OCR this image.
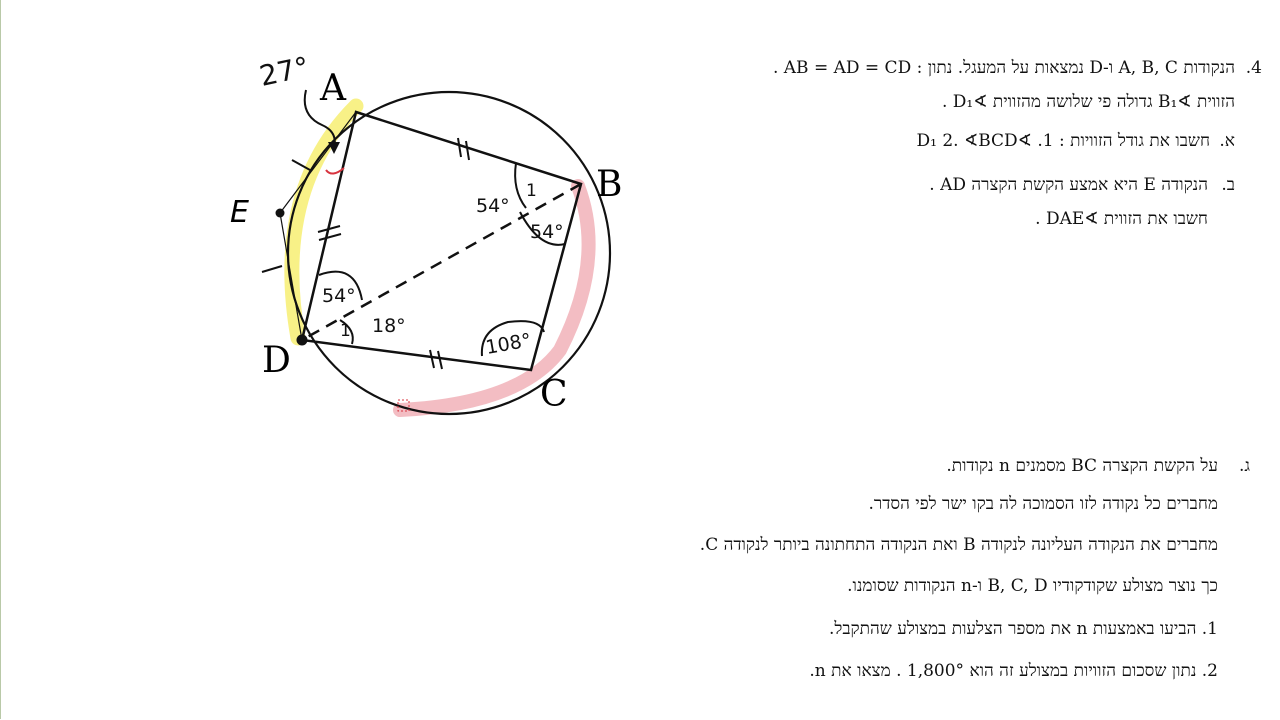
A
B
C
D
E
27°
54°
1
54°
54°
1 18°
108°
.4
הנקודות A, B, C ו-D נמצאות על המעגל. נתון : AB = AD = CD .
הזווית ∢B₁ גדולה פי שלושה מהזווית ∢D₁ .
א.
חשבו את גודל הזוויות : 1. ∢D₁ 2. ∢BCD
ב.
הנקודה E היא אמצע הקשת הקצרה AD .
חשבו את הזווית ∢DAE .
ג.
על הקשת הקצרה BC מסמנים n נקודות.
מחברים כל נקודה לזו הסמוכה לה בקו ישר לפי הסדר.
מחברים את הנקודה העליונה לנקודה B ואת הנקודה התחתונה ביותר לנקודה C.
כך נוצר מצולע שקודקודיו B, C, D ו-n הנקודות שסומנו.
1. הביעו באמצעות n את מספר הצלעות במצולע שהתקבל.
2. נתון שסכום הזוויות במצולע זה הוא 1,800° . מצאו את n.
